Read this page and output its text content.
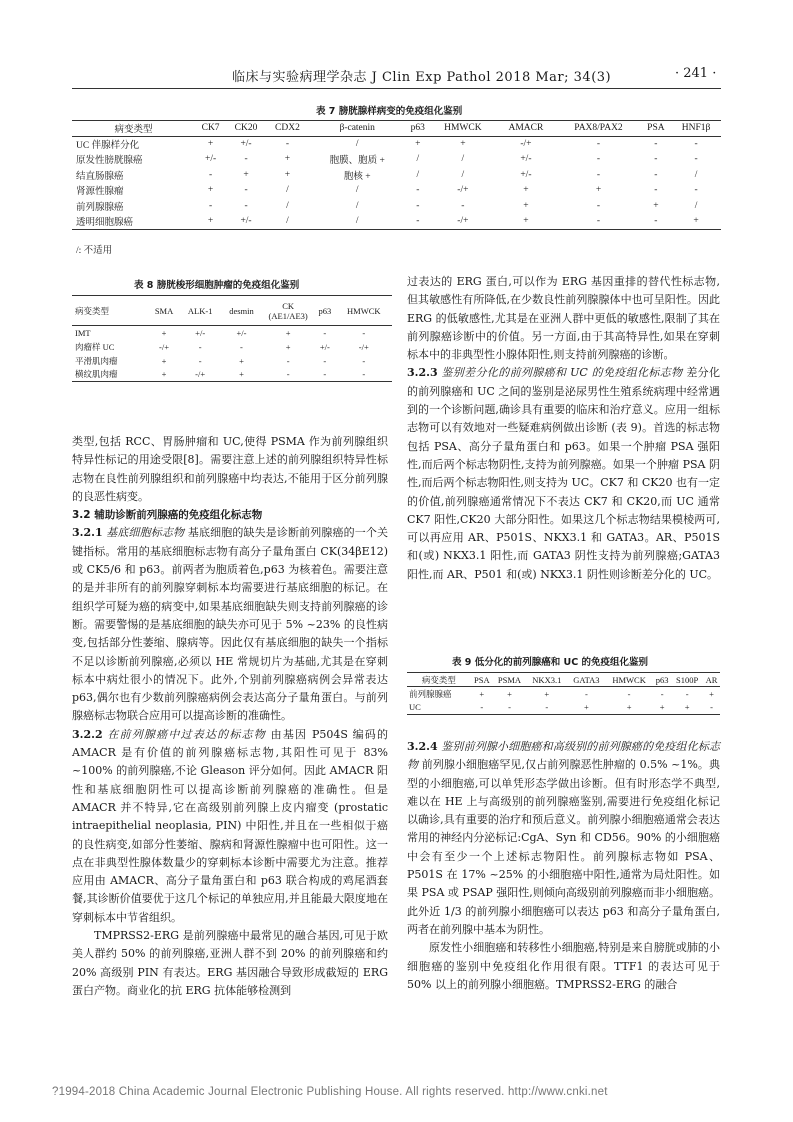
临床与实验病理学杂志 J Clin Exp Pathol 2018 Mar; 34(3)	· 241 ·
表 7 膀胱腺样病变的免疫组化鉴别
病变类型	CK7	CK20	CDX2	β-catenin	p63	HMWCK	AMACR	PAX8/PAX2	PSA	HNF1β
UC 伴腺样分化	+	+/-	-	/	+	+	-/+	-	-	-
原发性膀胱腺癌	+/-	-	+	胞膜、胞质 +	/	/	+/-	-	-	-
结直肠腺癌	-	+	+	胞核 +	/	/	+/-	-	-	/
肾源性腺瘤	+	-	/	/	-	-/+	+	+	-	-
前列腺腺癌	-	-	/	/	-	-	+	-	+	/
透明细胞腺癌	+	+/-	/	/	-	-/+	+	-	-	+
/: 不适用
表 8 膀胱梭形细胞肿瘤的免疫组化鉴别
病变类型	SMA	ALK-1	desmin	CK (AE1/AE3)	p63	HMWCK
IMT	+	+/-	+/-	+	-	-
肉瘤样 UC	-/+	-	-	+	+/-	-/+
平滑肌肉瘤	+	-	+	-	-	-
横纹肌肉瘤	+	-/+	+	-	-	-
表 9 低分化的前列腺癌和 UC 的免疫组化鉴别
病变类型	PSA	PSMA	NKX3.1	GATA3	HMWCK	p63	S100P	AR
前列腺腺癌	+	+	+	-	-	-	-	+
UC	-	-	-	+	+	+	+	-

类型,包括 RCC、胃肠肿瘤和 UC,使得 PSMA 作为前列腺组织特异性标记的用途受限[8]。需要注意上述的前列腺组织特异性标志物在良性前列腺组织和前列腺癌中均表达,不能用于区分前列腺的良恶性病变。

3.2 辅助诊断前列腺癌的免疫组化标志物

3.2.1 基底细胞标志物 基底细胞的缺失是诊断前列腺癌的一个关键指标。常用的基底细胞标志物有高分子量角蛋白 CK(34βE12) 或 CK5/6 和 p63。前两者为胞质着色,p63 为核着色。需要注意的是并非所有的前列腺穿刺标本均需要进行基底细胞的标记。在组织学可疑为癌的病变中,如果基底细胞缺失则支持前列腺癌的诊断。需要警惕的是基底细胞的缺失亦可见于 5% ~23% 的良性病变,包括部分性萎缩、腺病等。因此仅有基底细胞的缺失一个指标不足以诊断前列腺癌,必须以 HE 常规切片为基础,尤其是在穿刺标本中病灶很小的情况下。此外,个别前列腺癌病例会异常表达 p63,偶尔也有少数前列腺癌病例会表达高分子量角蛋白。与前列腺癌标志物联合应用可以提高诊断的准确性。

3.2.2 在前列腺癌中过表达的标志物 由基因 P504S 编码的 AMACR 是有价值的前列腺癌标志物,其阳性可见于 83% ~100% 的前列腺癌,不论 Gleason 评分如何。因此 AMACR 阳性和基底细胞阴性可以提高诊断前列腺癌的准确性。但是 AMACR 并不特异,它在高级别前列腺上皮内瘤变 (prostatic intraepithelial neoplasia, PIN) 中阳性,并且在一些相似于癌的良性病变,如部分性萎缩、腺病和肾源性腺瘤中也可阳性。这一点在非典型性腺体数量少的穿刺标本诊断中需要尤为注意。推荐应用由 AMACR、高分子量角蛋白和 p63 联合构成的鸡尾酒套餐,其诊断价值要优于这几个标记的单独应用,并且能最大限度地在穿刺标本中节省组织。

TMPRSS2-ERG 是前列腺癌中最常见的融合基因,可见于欧美人群约 50% 的前列腺癌,亚洲人群不到 20% 的前列腺癌和约 20% 高级别 PIN 有表达。ERG 基因融合导致形成截短的 ERG 蛋白产物。商业化的抗 ERG 抗体能够检测到

过表达的 ERG 蛋白,可以作为 ERG 基因重排的替代性标志物,但其敏感性有所降低,在少数良性前列腺腺体中也可呈阳性。因此 ERG 的低敏感性,尤其是在亚洲人群中更低的敏感性,限制了其在前列腺癌诊断中的价值。另一方面,由于其高特异性,如果在穿刺标本中的非典型性小腺体阳性,则支持前列腺癌的诊断。

3.2.3 鉴别差分化的前列腺癌和 UC 的免疫组化标志物 差分化的前列腺癌和 UC 之间的鉴别是泌尿男性生殖系统病理中经常遇到的一个诊断问题,确诊具有重要的临床和治疗意义。应用一组标志物可以有效地对一些疑难病例做出诊断 (表 9)。首选的标志物包括 PSA、高分子量角蛋白和 p63。如果一个肿瘤 PSA 强阳性,而后两个标志物阴性,支持为前列腺癌。如果一个肿瘤 PSA 阴性,而后两个标志物阳性,则支持为 UC。CK7 和 CK20 也有一定的价值,前列腺癌通常情况下不表达 CK7 和 CK20,而 UC 通常 CK7 阳性,CK20 大部分阳性。如果这几个标志物结果模棱两可,可以再应用 AR、P501S、NKX3.1 和 GATA3。AR、P501S 和(或) NKX3.1 阳性,而 GATA3 阴性支持为前列腺癌;GATA3 阳性,而 AR、P501 和(或) NKX3.1 阴性则诊断差分化的 UC。

3.2.4 鉴别前列腺小细胞癌和高级别的前列腺癌的免疫组化标志物 前列腺小细胞癌罕见,仅占前列腺恶性肿瘤的 0.5% ~1%。典型的小细胞癌,可以单凭形态学做出诊断。但有时形态学不典型,难以在 HE 上与高级别的前列腺癌鉴别,需要进行免疫组化标记以确诊,具有重要的治疗和预后意义。前列腺小细胞癌通常会表达常用的神经内分泌标记:CgA、Syn 和 CD56。90% 的小细胞癌中会有至少一个上述标志物阳性。前列腺标志物如 PSA、P501S 在 17% ~25% 的小细胞癌中阳性,通常为局灶阳性。如果 PSA 或 PSAP 强阳性,则倾向高级别前列腺癌而非小细胞癌。此外近 1/3 的前列腺小细胞癌可以表达 p63 和高分子量角蛋白,两者在前列腺中基本为阴性。

原发性小细胞癌和转移性小细胞癌,特别是来自膀胱或肺的小细胞癌的鉴别中免疫组化作用很有限。TTF1 的表达可见于 50% 以上的前列腺小细胞癌。TMPRSS2-ERG 的融合

?1994-2018 China Academic Journal Electronic Publishing House. All rights reserved. http://www.cnki.net
